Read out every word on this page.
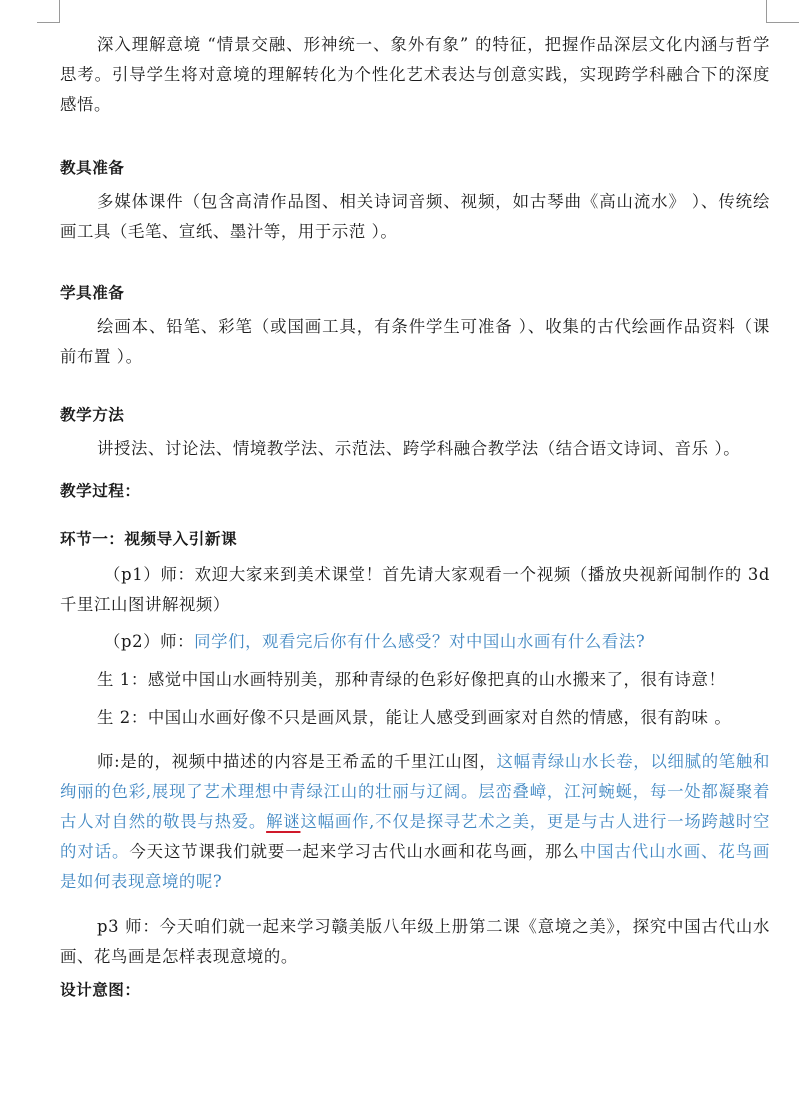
深入理解意境 “情景交融、形神统一、象外有象” 的特征，把握作品深层文化内涵与哲学思考。引导学生将对意境的理解转化为个性化艺术表达与创意实践，实现跨学科融合下的深度感悟。

教具准备

多媒体课件（包含高清作品图、相关诗词音频、视频，如古琴曲《高山流水》 ）、传统绘画工具（毛笔、宣纸、墨汁等，用于示范 ）。

学具准备

绘画本、铅笔、彩笔（或国画工具，有条件学生可准备 ）、收集的古代绘画作品资料（课前布置 ）。

教学方法

讲授法、讨论法、情境教学法、示范法、跨学科融合教学法（结合语文诗词、音乐 ）。

教学过程：

环节一：视频导入引新课

（p1）师：欢迎大家来到美术课堂！首先请大家观看一个视频（播放央视新闻制作的 3d 千里江山图讲解视频）

（p2）师：同学们，观看完后你有什么感受？对中国山水画有什么看法?

生 1：感觉中国山水画特别美，那种青绿的色彩好像把真的山水搬来了，很有诗意！

生 2：中国山水画好像不只是画风景，能让人感受到画家对自然的情感，很有韵味 。

师:是的，视频中描述的内容是王希孟的千里江山图，这幅青绿山水长卷，以细腻的笔触和绚丽的色彩,展现了艺术理想中青绿江山的壮丽与辽阔。层峦叠嶂，江河蜿蜒，每一处都凝聚着古人对自然的敬畏与热爱。解谜这幅画作,不仅是探寻艺术之美，更是与古人进行一场跨越时空的对话。今天这节课我们就要一起来学习古代山水画和花鸟画，那么中国古代山水画、花鸟画是如何表现意境的呢?

p3 师：今天咱们就一起来学习赣美版八年级上册第二课《意境之美》，探究中国古代山水画、花鸟画是怎样表现意境的。

设计意图：
